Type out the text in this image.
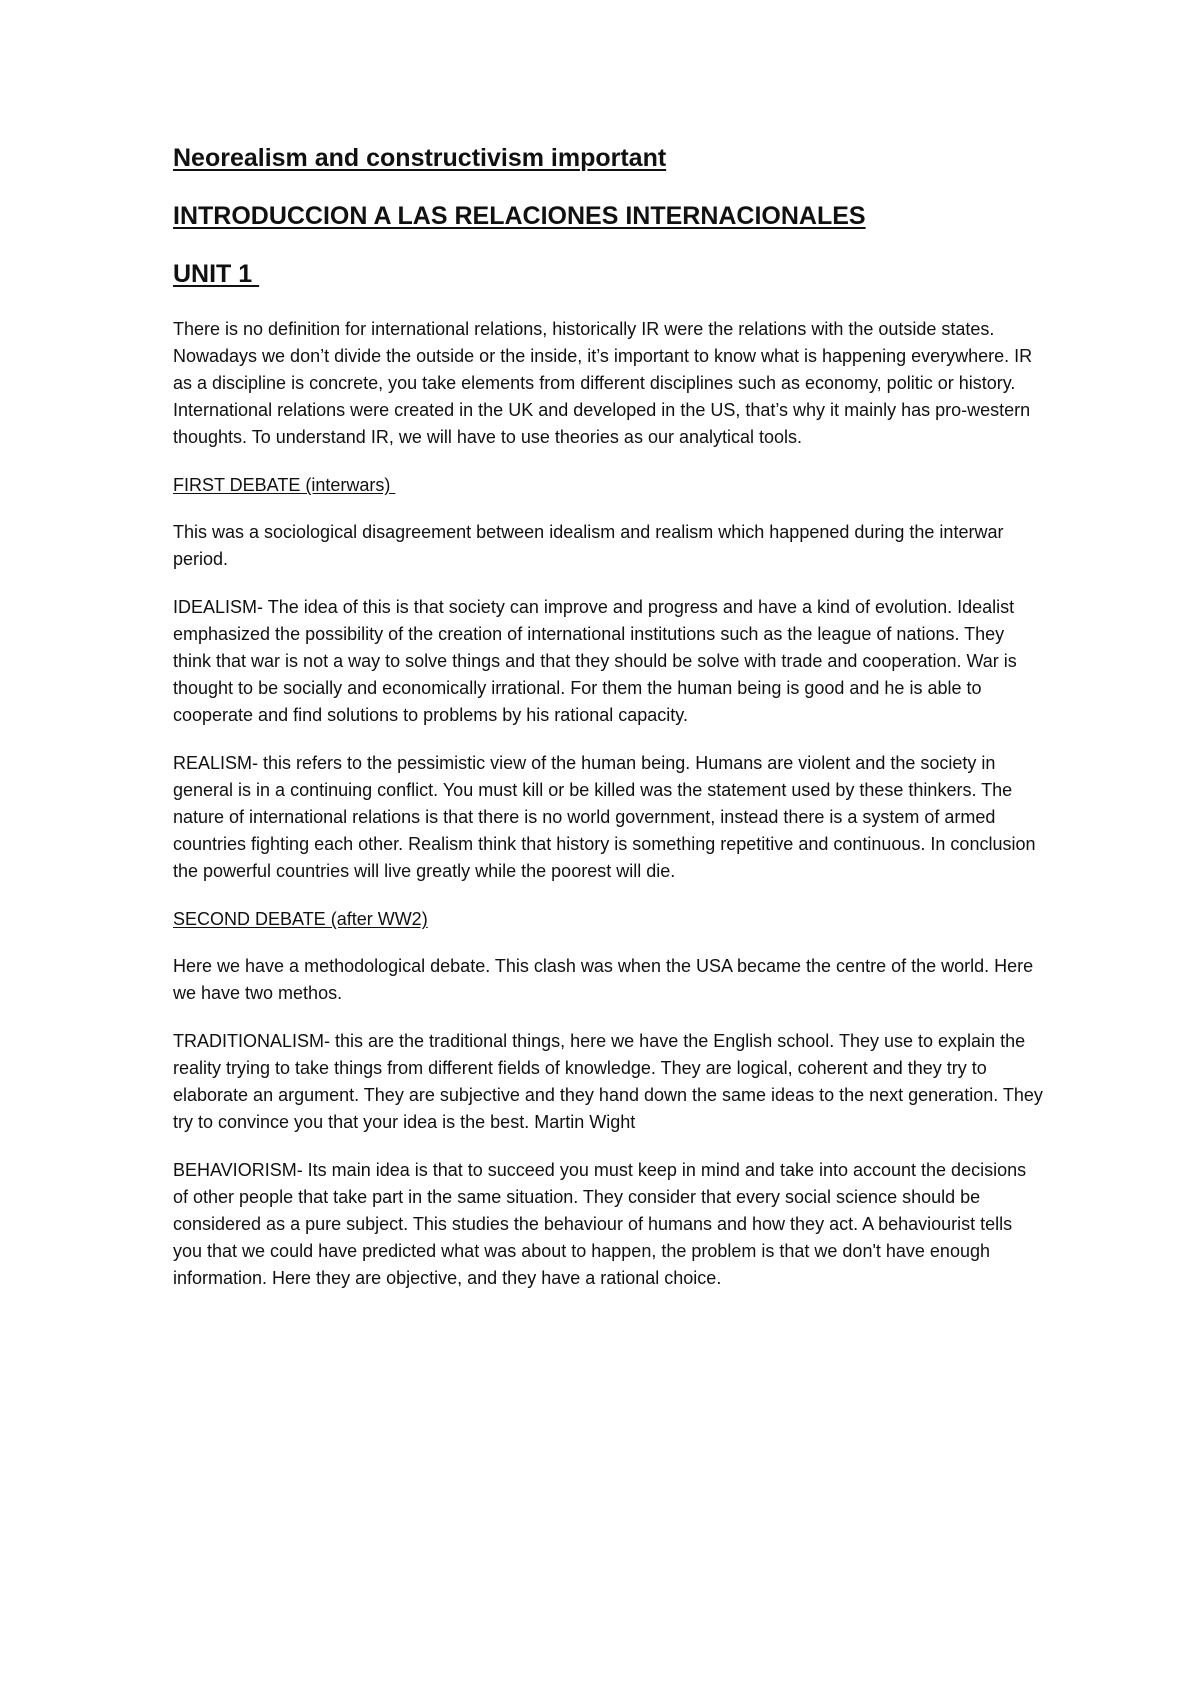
Neorealism and constructivism important
INTRODUCCION A LAS RELACIONES INTERNACIONALES
UNIT 1

There is no definition for international relations, historically IR were the relations with the outside states. Nowadays we don’t divide the outside or the inside, it’s important to know what is happening everywhere. IR as a discipline is concrete, you take elements from different disciplines such as economy, politic or history. International relations were created in the UK and developed in the US, that’s why it mainly has pro-western thoughts. To understand IR, we will have to use theories as our analytical tools.

FIRST DEBATE (interwars)

This was a sociological disagreement between idealism and realism which happened during the interwar period.

IDEALISM- The idea of this is that society can improve and progress and have a kind of evolution. Idealist emphasized the possibility of the creation of international institutions such as the league of nations. They think that war is not a way to solve things and that they should be solve with trade and cooperation. War is thought to be socially and economically irrational. For them the human being is good and he is able to cooperate and find solutions to problems by his rational capacity.

REALISM- this refers to the pessimistic view of the human being. Humans are violent and the society in general is in a continuing conflict. You must kill or be killed was the statement used by these thinkers. The nature of international relations is that there is no world government, instead there is a system of armed countries fighting each other. Realism think that history is something repetitive and continuous. In conclusion the powerful countries will live greatly while the poorest will die.

SECOND DEBATE (after WW2)

Here we have a methodological debate. This clash was when the USA became the centre of the world. Here we have two methos.

TRADITIONALISM- this are the traditional things, here we have the English school. They use to explain the reality trying to take things from different fields of knowledge. They are logical, coherent and they try to elaborate an argument. They are subjective and they hand down the same ideas to the next generation. They try to convince you that your idea is the best. Martin Wight

BEHAVIORISM- Its main idea is that to succeed you must keep in mind and take into account the decisions of other people that take part in the same situation. They consider that every social science should be considered as a pure subject. This studies the behaviour of humans and how they act. A behaviourist tells you that we could have predicted what was about to happen, the problem is that we don't have enough information. Here they are objective, and they have a rational choice.
